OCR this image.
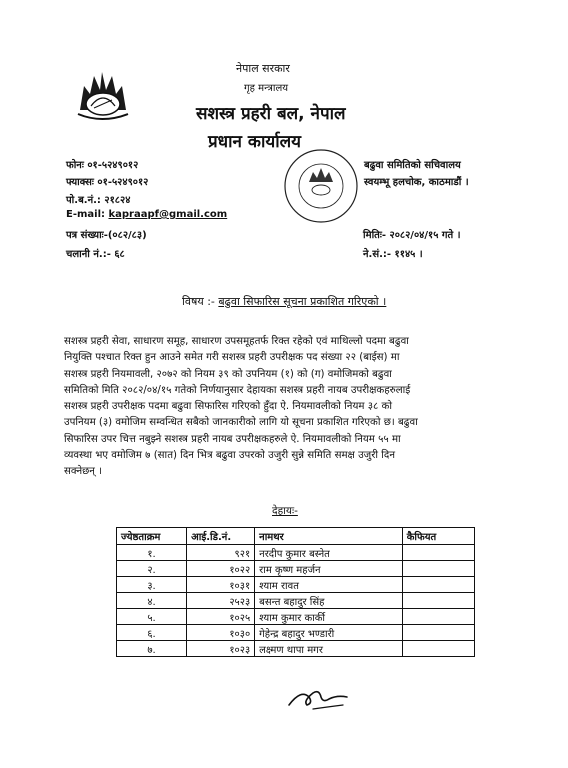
नेपाल सरकार
गृह मन्त्रालय
सशस्त्र प्रहरी बल, नेपाल
प्रधान कार्यालय
फोनः ०१-५२४९०१२
फ्याक्सः ०१-५२४९०१२
पो.ब.नं.: २१८२४
E-mail: kapraapf@gmail.com
पत्र संख्याः-(०८२/८३)
चलानी नं.:- ६८
बढुवा समितिको सचिवालय
स्वयम्भू हलचोक, काठमाडौं ।
मितिः- २०८२/०४/१५ गते ।
ने.सं.:- ११४५ ।
विषय :- बढुवा सिफारिस सूचना प्रकाशित गरिएको ।
सशस्त्र प्रहरी सेवा, साधारण समूह, साधारण उपसमूहतर्फ रिक्त रहेको एवं माथिल्लो पदमा बढुवा
नियुक्ति पश्चात रिक्त हुन आउने समेत गरी सशस्त्र प्रहरी उपरीक्षक पद संख्या २२ (बाईस) मा
सशस्त्र प्रहरी नियमावली, २०७२ को नियम ३९ को उपनियम (१) को (ग) वमोजिमको बढुवा
समितिको मिति २०८२/०४/१५ गतेको निर्णयानुसार देहायका सशस्त्र प्रहरी नायब उपरीक्षकहरुलाई
सशस्त्र प्रहरी उपरीक्षक पदमा बढुवा सिफारिस गरिएको हुँदा ऐ. नियमावलीको नियम ३८ को
उपनियम (३) वमोजिम सम्वन्धित सबैको जानकारीको लागि यो सूचना प्रकाशित गरिएको छ। बढुवा
सिफारिस उपर चित्त नबुझ्ने सशस्त्र प्रहरी नायब उपरीक्षकहरुले ऐ. नियमावलीको नियम ५५ मा
व्यवस्था भए वमोजिम ७ (सात) दिन भित्र बढुवा उपरको उजुरी सुन्ने समिति समक्ष उजुरी दिन
सक्नेछन् ।
देहायः-
ज्येष्ठताक्रम	आई.डि.नं.	नामथर	कैफियत
१.	९२१	नरदीप कुमार बस्नेत	
२.	१०२२	राम कृष्ण महर्जन	
३.	१०३१	श्याम रावत	
४.	२५२३	बसन्त बहादुर सिंह	
५.	१०२५	श्याम कुमार कार्की	
६.	१०३०	गेहेन्द्र बहादुर भण्डारी	
७.	१०२३	लक्ष्मण थापा मगर	
